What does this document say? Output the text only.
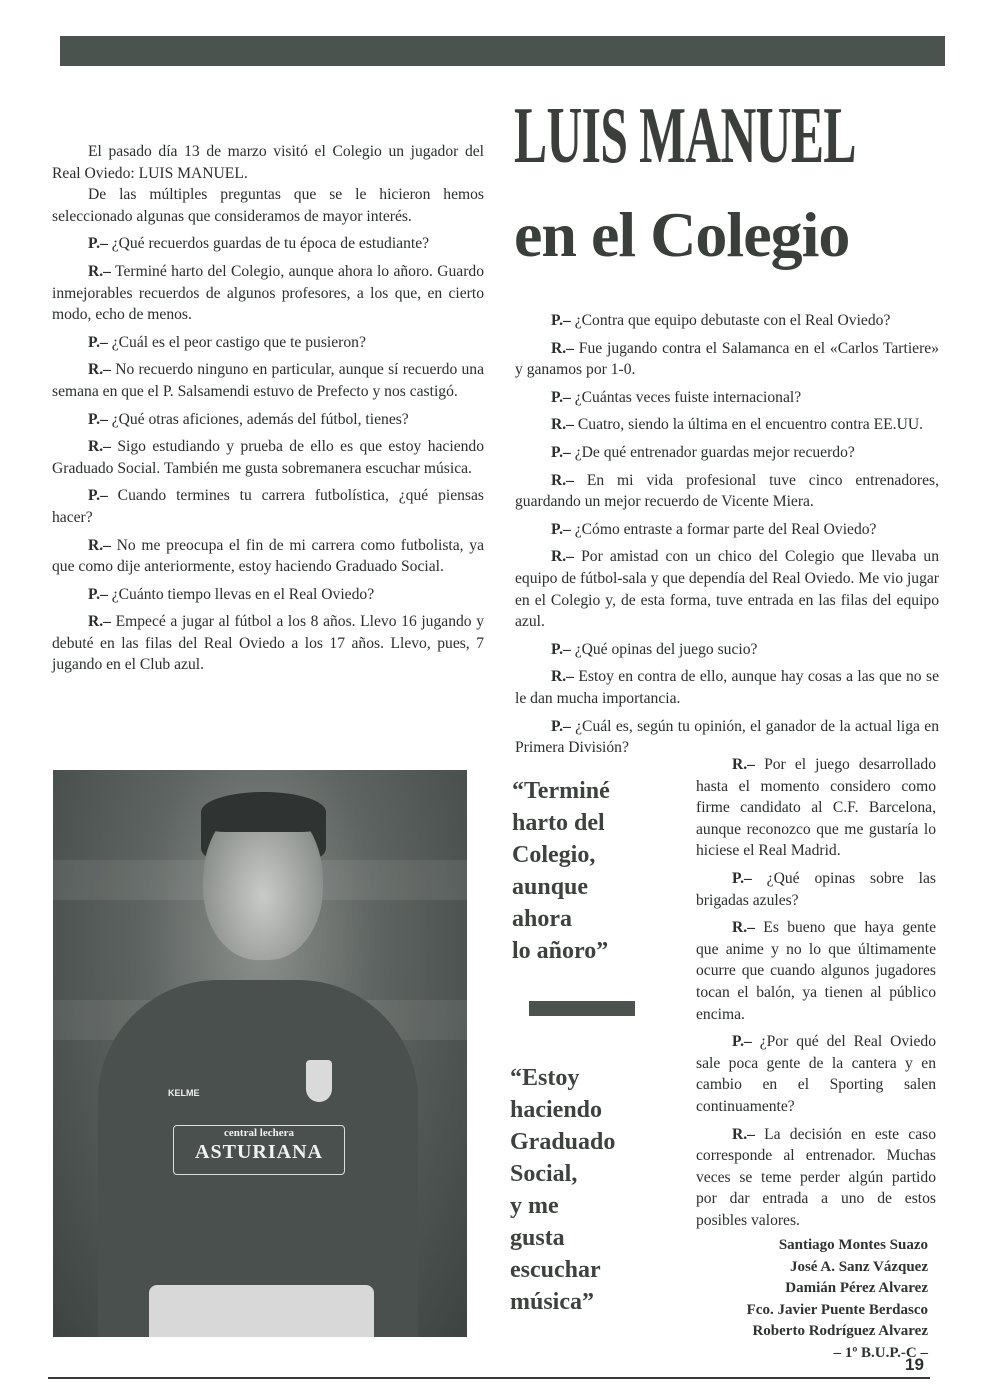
LUIS MANUEL
en el Colegio

El pasado día 13 de marzo visitó el Colegio un jugador del Real Oviedo: LUIS MANUEL.

De las múltiples preguntas que se le hicieron hemos seleccionado algunas que consideramos de mayor interés.

P.– ¿Qué recuerdos guardas de tu época de estudiante?

R.– Terminé harto del Colegio, aunque ahora lo añoro. Guardo inmejorables recuerdos de algunos profesores, a los que, en cierto modo, echo de menos.

P.– ¿Cuál es el peor castigo que te pusieron?

R.– No recuerdo ninguno en particular, aunque sí recuerdo una semana en que el P. Salsamendi estuvo de Prefecto y nos castigó.

P.– ¿Qué otras aficiones, además del fútbol, tienes?

R.– Sigo estudiando y prueba de ello es que estoy haciendo Graduado Social. También me gusta sobremanera escuchar música.

P.– Cuando termines tu carrera futbolística, ¿qué piensas hacer?

R.– No me preocupa el fin de mi carrera como futbolista, ya que como dije anteriormente, estoy haciendo Graduado Social.

P.– ¿Cuánto tiempo llevas en el Real Oviedo?

R.– Empecé a jugar al fútbol a los 8 años. Llevo 16 jugando y debuté en las filas del Real Oviedo a los 17 años. Llevo, pues, 7 jugando en el Club azul.

P.– ¿Contra que equipo debutaste con el Real Oviedo?

R.– Fue jugando contra el Salamanca en el «Carlos Tartiere» y ganamos por 1-0.

P.– ¿Cuántas veces fuiste internacional?

R.– Cuatro, siendo la última en el encuentro contra EE.UU.

P.– ¿De qué entrenador guardas mejor recuerdo?

R.– En mi vida profesional tuve cinco entrenadores, guardando un mejor recuerdo de Vicente Miera.

P.– ¿Cómo entraste a formar parte del Real Oviedo?

R.– Por amistad con un chico del Colegio que llevaba un equipo de fútbol-sala y que dependía del Real Oviedo. Me vio jugar en el Colegio y, de esta forma, tuve entrada en las filas del equipo azul.

P.– ¿Qué opinas del juego sucio?

R.– Estoy en contra de ello, aunque hay cosas a las que no se le dan mucha importancia.

P.– ¿Cuál es, según tu opinión, el ganador de la actual liga en Primera División?

R.– Por el juego desarrollado hasta el momento considero como firme candidato al C.F. Barcelona, aunque reconozco que me gustaría lo hiciese el Real Madrid.

P.– ¿Qué opinas sobre las brigadas azules?

R.– Es bueno que haya gente que anime y no lo que últimamente ocurre que cuando algunos jugadores tocan el balón, ya tienen al público encima.

P.– ¿Por qué del Real Oviedo sale poca gente de la cantera y en cambio en el Sporting salen continuamente?

R.– La decisión en este caso corresponde al entrenador. Muchas veces se teme perder algún partido por dar entrada a uno de estos posibles valores.

“Terminé
harto del
Colegio,
aunque
ahora
lo añoro”
“Estoy
haciendo
Graduado
Social,
y me
gusta
escuchar
música”
KELME
central lechera
ASTURIANA
Santiago Montes Suazo
José A. Sanz Vázquez
Damián Pérez Alvarez
Fco. Javier Puente Berdasco
Roberto Rodríguez Alvarez
– 1º B.U.P.-C –
19
